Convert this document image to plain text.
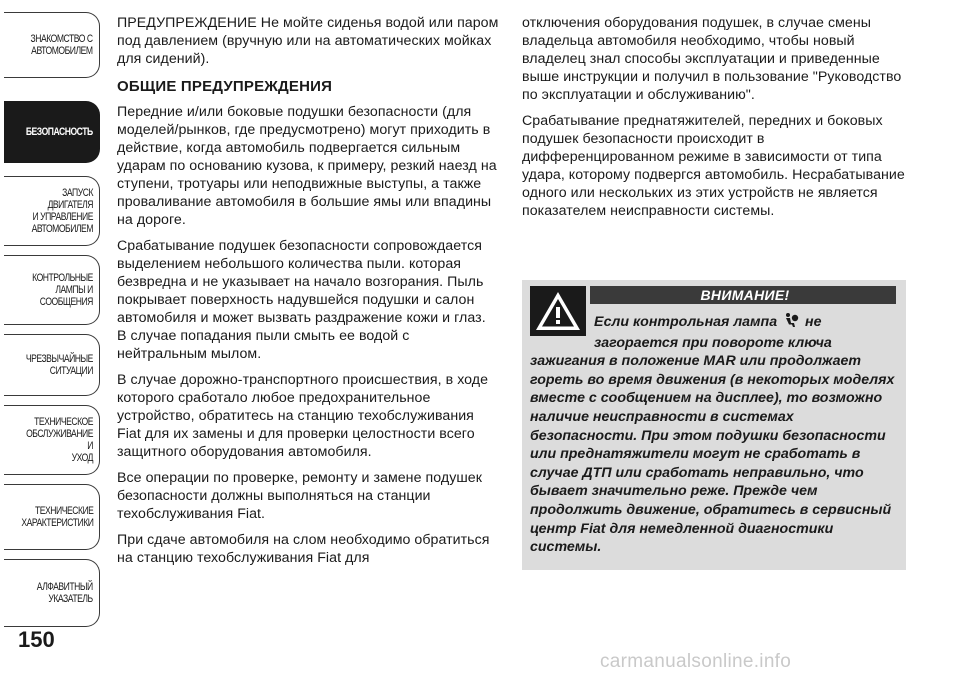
ЗНАКОМСТВО С
АВТОМОБИЛЕМ
БЕЗОПАСНОСТЬ
ЗАПУСК ДВИГАТЕЛЯ
И УПРАВЛЕНИЕ
АВТОМОБИЛЕМ
КОНТРОЛЬНЫЕ
ЛАМПЫ И
СООБЩЕНИЯ
ЧРЕЗВЫЧАЙНЫЕ
СИТУАЦИИ
ТЕХНИЧЕСКОЕ
ОБСЛУЖИВАНИЕ И
УХОД
ТЕХНИЧЕСКИЕ
ХАРАКТЕРИСТИКИ
АЛФАВИТНЫЙ
УКАЗАТЕЛЬ
150

ПРЕДУПРЕЖДЕНИЕ Не мойте сиденья водой или паром под давлением (вручную или на автоматических мойках для сидений).

ОБЩИЕ ПРЕДУПРЕЖДЕНИЯ

Передние и/или боковые подушки безопасности (для моделей/рынков, где предусмотрено) могут приходить в действие, когда автомобиль подвергается сильным ударам по основанию кузова, к примеру, резкий наезд на ступени, тротуары или неподвижные выступы, а также проваливание автомобиля в большие ямы или впадины на дороге.

Срабатывание подушек безопасности сопровождается выделением небольшого количества пыли. которая безвредна и не указывает на начало возгорания. Пыль покрывает поверхность надувшейся подушки и салон автомобиля и может вызвать раздражение кожи и глаз. В случае попадания пыли смыть ее водой с нейтральным мылом.

В случае дорожно-транспортного происшествия, в ходе которого сработало любое предохранительное устройство, обратитесь на станцию техобслуживания Fiat для их замены и для проверки целостности всего защитного оборудования автомобиля.

Все операции по проверке, ремонту и замене подушек безопасности должны выполняться на станции техобслуживания Fiat.

При сдаче автомобиля на слом необходимо обратиться на станцию техобслуживания Fiat для

отключения оборудования подушек, в случае смены владельца автомобиля необходимо, чтобы новый владелец знал способы эксплуатации и приведенные выше инструкции и получил в пользование "Руководство по эксплуатации и обслуживанию".

Срабатывание преднатяжителей, передних и боковых подушек безопасности происходит в дифференцированном режиме в зависимости от типа удара, которому подвергся автомобиль. Несрабатывание одного или нескольких из этих устройств не является показателем неисправности системы.

ВНИМАНИЕ!
Если контрольная лампа не загорается при повороте ключа зажигания в положение MAR или продолжает гореть во время движения (в некоторых моделях вместе с сообщением на дисплее), то возможно наличие неисправности в системах безопасности. При этом подушки безопасности или преднатяжители могут не сработать в случае ДТП или сработать неправильно, что бывает значительно реже. Прежде чем продолжить движение, обратитесь в сервисный центр Fiat для немедленной диагностики системы.
carmanualsonline.info
